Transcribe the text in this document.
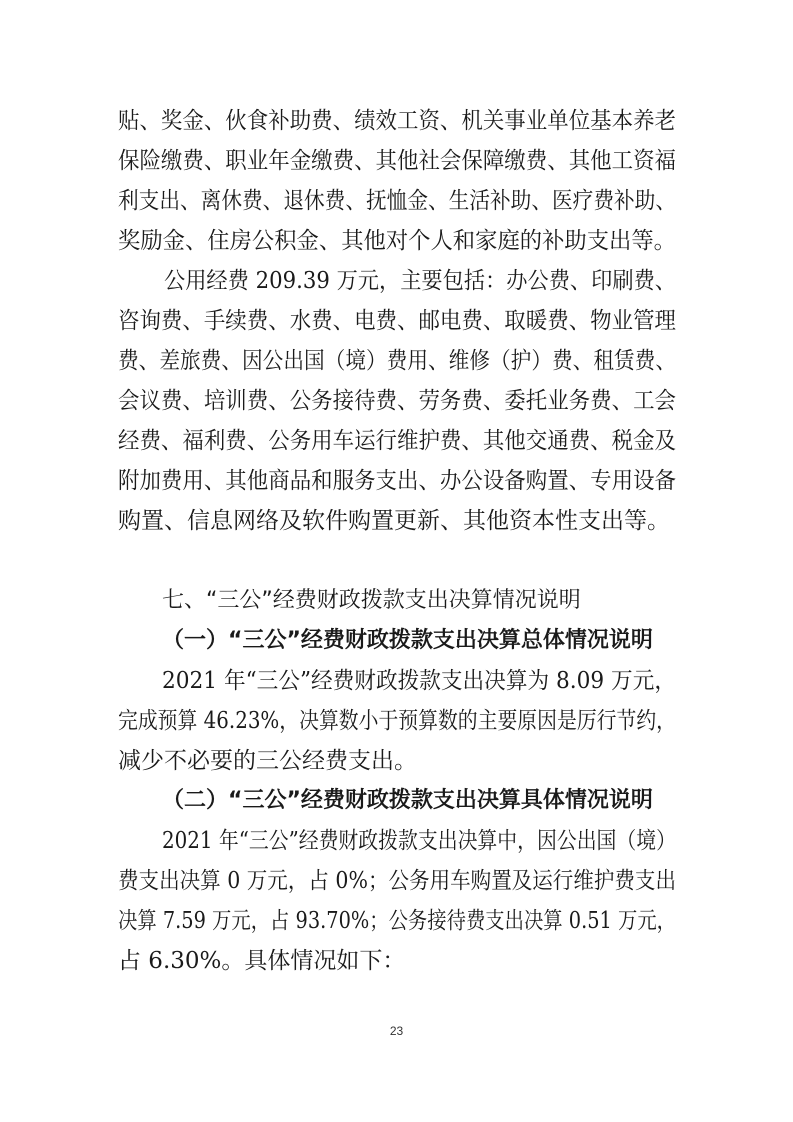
贴、奖金、伙食补助费、绩效工资、机关事业单位基本养老
保险缴费、职业年金缴费、其他社会保障缴费、其他工资福
利支出、离休费、退休费、抚恤金、生活补助、医疗费补助、
奖励金、住房公积金、其他对个人和家庭的补助支出等。
公用经费 209.39 万元，主要包括：办公费、印刷费、
咨询费、手续费、水费、电费、邮电费、取暖费、物业管理
费、差旅费、因公出国（境）费用、维修（护）费、租赁费、
会议费、培训费、公务接待费、劳务费、委托业务费、工会
经费、福利费、公务用车运行维护费、其他交通费、税金及
附加费用、其他商品和服务支出、办公设备购置、专用设备
购置、信息网络及软件购置更新、其他资本性支出等。
七、“三公”经费财政拨款支出决算情况说明
（一）“三公”经费财政拨款支出决算总体情况说明
2021 年“三公”经费财政拨款支出决算为 8.09 万元，
完成预算 46.23%，决算数小于预算数的主要原因是厉行节约，
减少不必要的三公经费支出。
（二）“三公”经费财政拨款支出决算具体情况说明
2021 年“三公”经费财政拨款支出决算中，因公出国（境）
费支出决算 0 万元，占 0%；公务用车购置及运行维护费支出
决算 7.59 万元，占 93.70%；公务接待费支出决算 0.51 万元，
占 6.30%。具体情况如下：
23
